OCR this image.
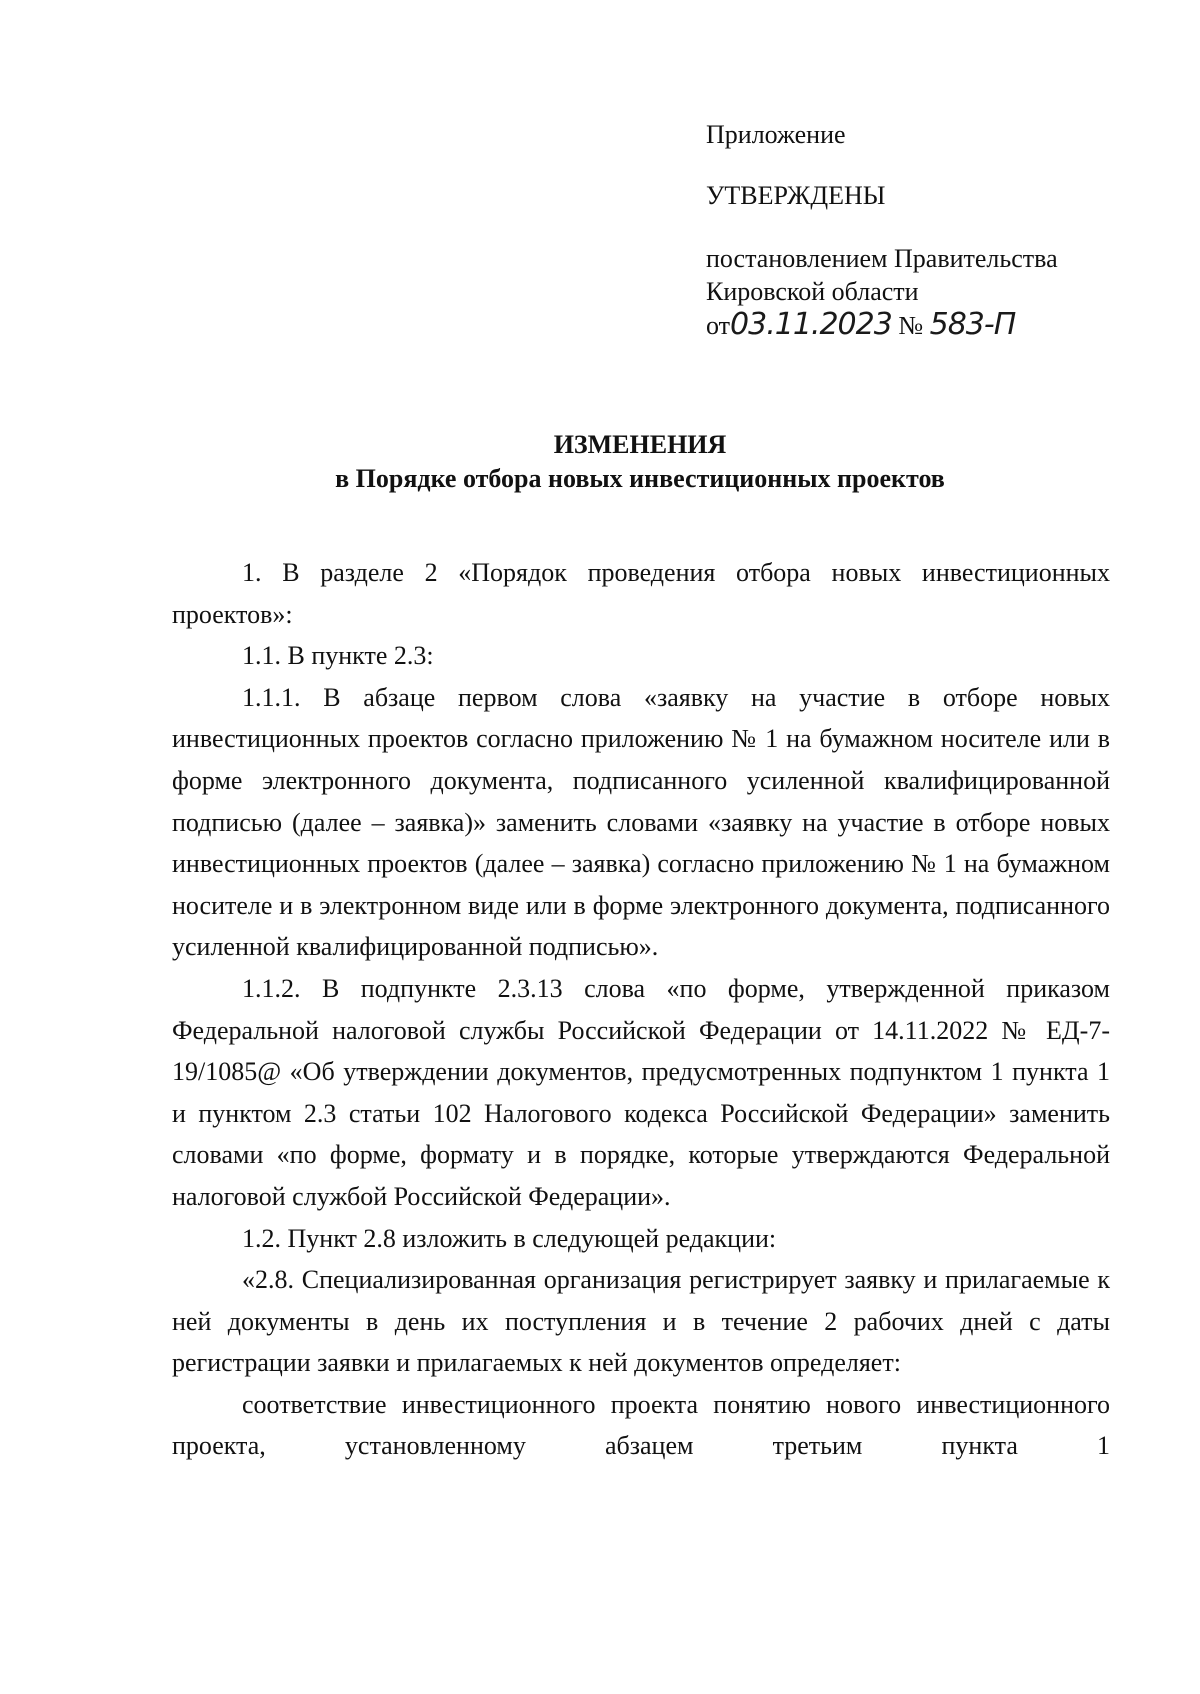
Приложение
УТВЕРЖДЕНЫ
постановлением Правительства
Кировской области
от03.11.2023 № 583-П
ИЗМЕНЕНИЯ
в Порядке отбора новых инвестиционных проектов

1. В разделе 2 «Порядок проведения отбора новых инвестиционных проектов»:

1.1. В пункте 2.3:

1.1.1. В абзаце первом слова «заявку на участие в отборе новых инвестиционных проектов согласно приложению № 1 на бумажном носителе или в форме электронного документа, подписанного усиленной квалифицированной подписью (далее – заявка)» заменить словами «заявку на участие в отборе новых инвестиционных проектов (далее – заявка) согласно приложению № 1 на бумажном носителе и в электронном виде или в форме электронного документа, подписанного усиленной квалифицированной подписью».

1.1.2. В подпункте 2.3.13 слова «по форме, утвержденной приказом Федеральной налоговой службы Российской Федерации от 14.11.2022 № ЕД-7-19/1085@ «Об утверждении документов, предусмотренных подпунктом 1 пункта 1 и пунктом 2.3 статьи 102 Налогового кодекса Российской Федерации» заменить словами «по форме, формату и в порядке, которые утверждаются Федеральной налоговой службой Российской Федерации».

1.2. Пункт 2.8 изложить в следующей редакции:

«2.8. Специализированная организация регистрирует заявку и прилагаемые к ней документы в день их поступления и в течение 2 рабочих дней с даты регистрации заявки и прилагаемых к ней документов определяет:

соответствие инвестиционного проекта понятию нового инвестиционного проекта, установленному абзацем третьим пункта 1
